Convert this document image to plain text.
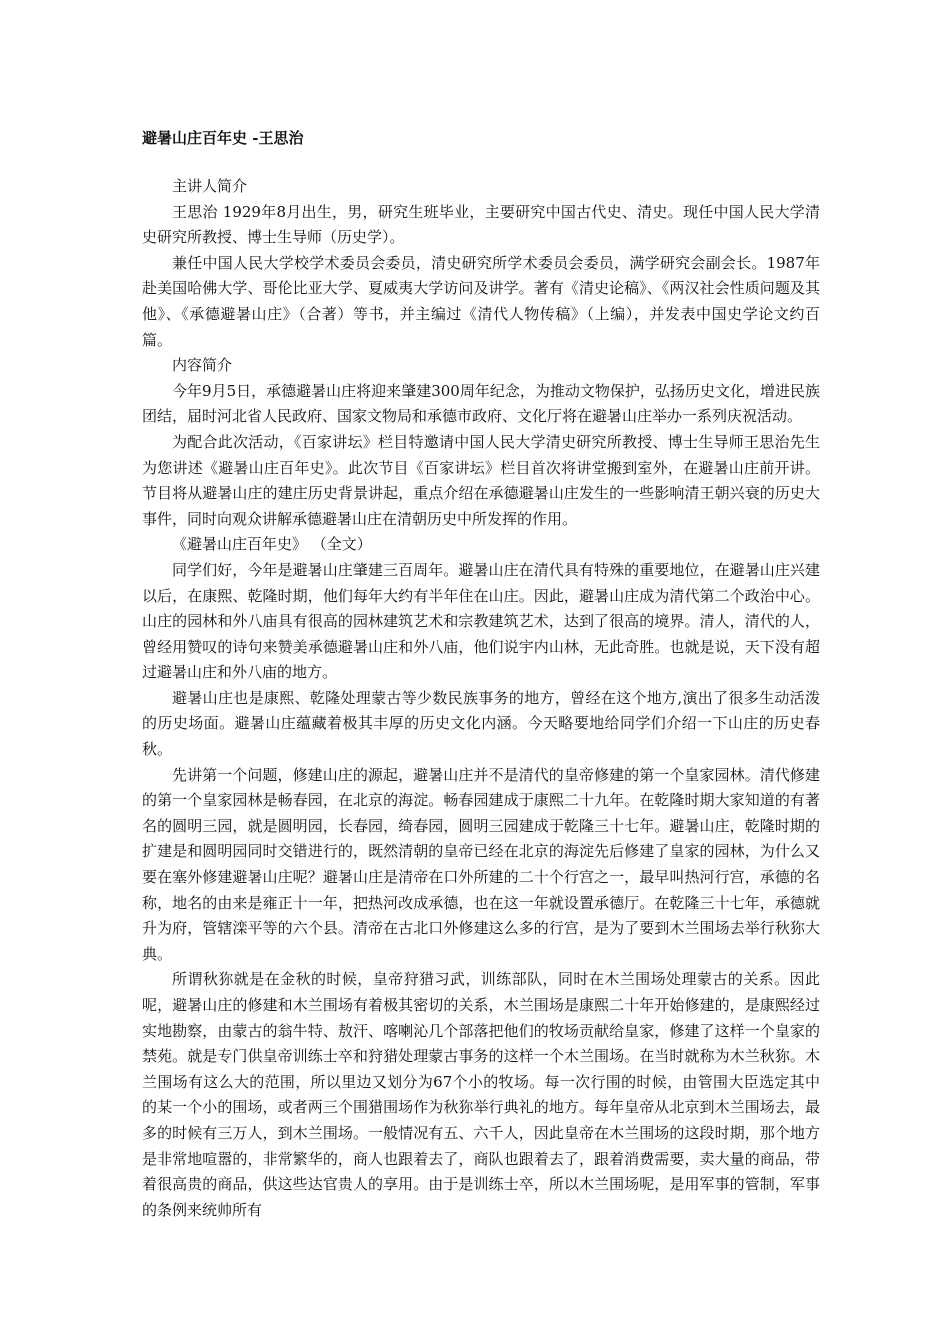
避暑山庄百年史 -王思治

主讲人简介

王思治 1929年8月出生，男，研究生班毕业，主要研究中国古代史、清史。现任中国人民大学清史研究所教授、博士生导师（历史学）。

兼任中国人民大学校学术委员会委员，清史研究所学术委员会委员，满学研究会副会长。1987年赴美国哈佛大学、哥伦比亚大学、夏威夷大学访问及讲学。著有《清史论稿》、《两汉社会性质问题及其他》、《承德避暑山庄》（合著）等书，并主编过《清代人物传稿》（上编），并发表中国史学论文约百篇。

内容简介

今年9月5日，承德避暑山庄将迎来肇建300周年纪念，为推动文物保护，弘扬历史文化，增进民族团结，届时河北省人民政府、国家文物局和承德市政府、文化厅将在避暑山庄举办一系列庆祝活动。

为配合此次活动，《百家讲坛》栏目特邀请中国人民大学清史研究所教授、博士生导师王思治先生为您讲述《避暑山庄百年史》。此次节目《百家讲坛》栏目首次将讲堂搬到室外，在避暑山庄前开讲。节目将从避暑山庄的建庄历史背景讲起，重点介绍在承德避暑山庄发生的一些影响清王朝兴衰的历史大事件，同时向观众讲解承德避暑山庄在清朝历史中所发挥的作用。

《避暑山庄百年史》 （全文）

同学们好，今年是避暑山庄肇建三百周年。避暑山庄在清代具有特殊的重要地位，在避暑山庄兴建以后，在康熙、乾隆时期，他们每年大约有半年住在山庄。因此，避暑山庄成为清代第二个政治中心。山庄的园林和外八庙具有很高的园林建筑艺术和宗教建筑艺术，达到了很高的境界。清人，清代的人，曾经用赞叹的诗句来赞美承德避暑山庄和外八庙，他们说宇内山林，无此奇胜。也就是说，天下没有超过避暑山庄和外八庙的地方。

避暑山庄也是康熙、乾隆处理蒙古等少数民族事务的地方，曾经在这个地方,演出了很多生动活泼的历史场面。避暑山庄蕴藏着极其丰厚的历史文化内涵。今天略要地给同学们介绍一下山庄的历史春秋。

先讲第一个问题，修建山庄的源起，避暑山庄并不是清代的皇帝修建的第一个皇家园林。清代修建的第一个皇家园林是畅春园，在北京的海淀。畅春园建成于康熙二十九年。在乾隆时期大家知道的有著名的圆明三园，就是圆明园，长春园，绮春园，圆明三园建成于乾隆三十七年。避暑山庄，乾隆时期的扩建是和圆明园同时交错进行的，既然清朝的皇帝已经在北京的海淀先后修建了皇家的园林，为什么又要在塞外修建避暑山庄呢？避暑山庄是清帝在口外所建的二十个行宫之一，最早叫热河行宫，承德的名称，地名的由来是雍正十一年，把热河改成承德，也在这一年就设置承德厅。在乾隆三十七年，承德就升为府，管辖滦平等的六个县。清帝在古北口外修建这么多的行宫，是为了要到木兰围场去举行秋狝大典。

所谓秋狝就是在金秋的时候，皇帝狩猎习武，训练部队，同时在木兰围场处理蒙古的关系。因此呢，避暑山庄的修建和木兰围场有着极其密切的关系，木兰围场是康熙二十年开始修建的，是康熙经过实地勘察，由蒙古的翁牛特、敖汗、喀喇沁几个部落把他们的牧场贡献给皇家，修建了这样一个皇家的禁苑。就是专门供皇帝训练士卒和狩猎处理蒙古事务的这样一个木兰围场。在当时就称为木兰秋狝。木兰围场有这么大的范围，所以里边又划分为67个小的牧场。每一次行围的时候，由管围大臣选定其中的某一个小的围场，或者两三个围猎围场作为秋狝举行典礼的地方。每年皇帝从北京到木兰围场去，最多的时候有三万人，到木兰围场。一般情况有五、六千人，因此皇帝在木兰围场的这段时期，那个地方是非常地喧嚣的，非常繁华的，商人也跟着去了，商队也跟着去了，跟着消费需要，卖大量的商品，带着很高贵的商品，供这些达官贵人的享用。由于是训练士卒，所以木兰围场呢，是用军事的管制，军事的条例来统帅所有
